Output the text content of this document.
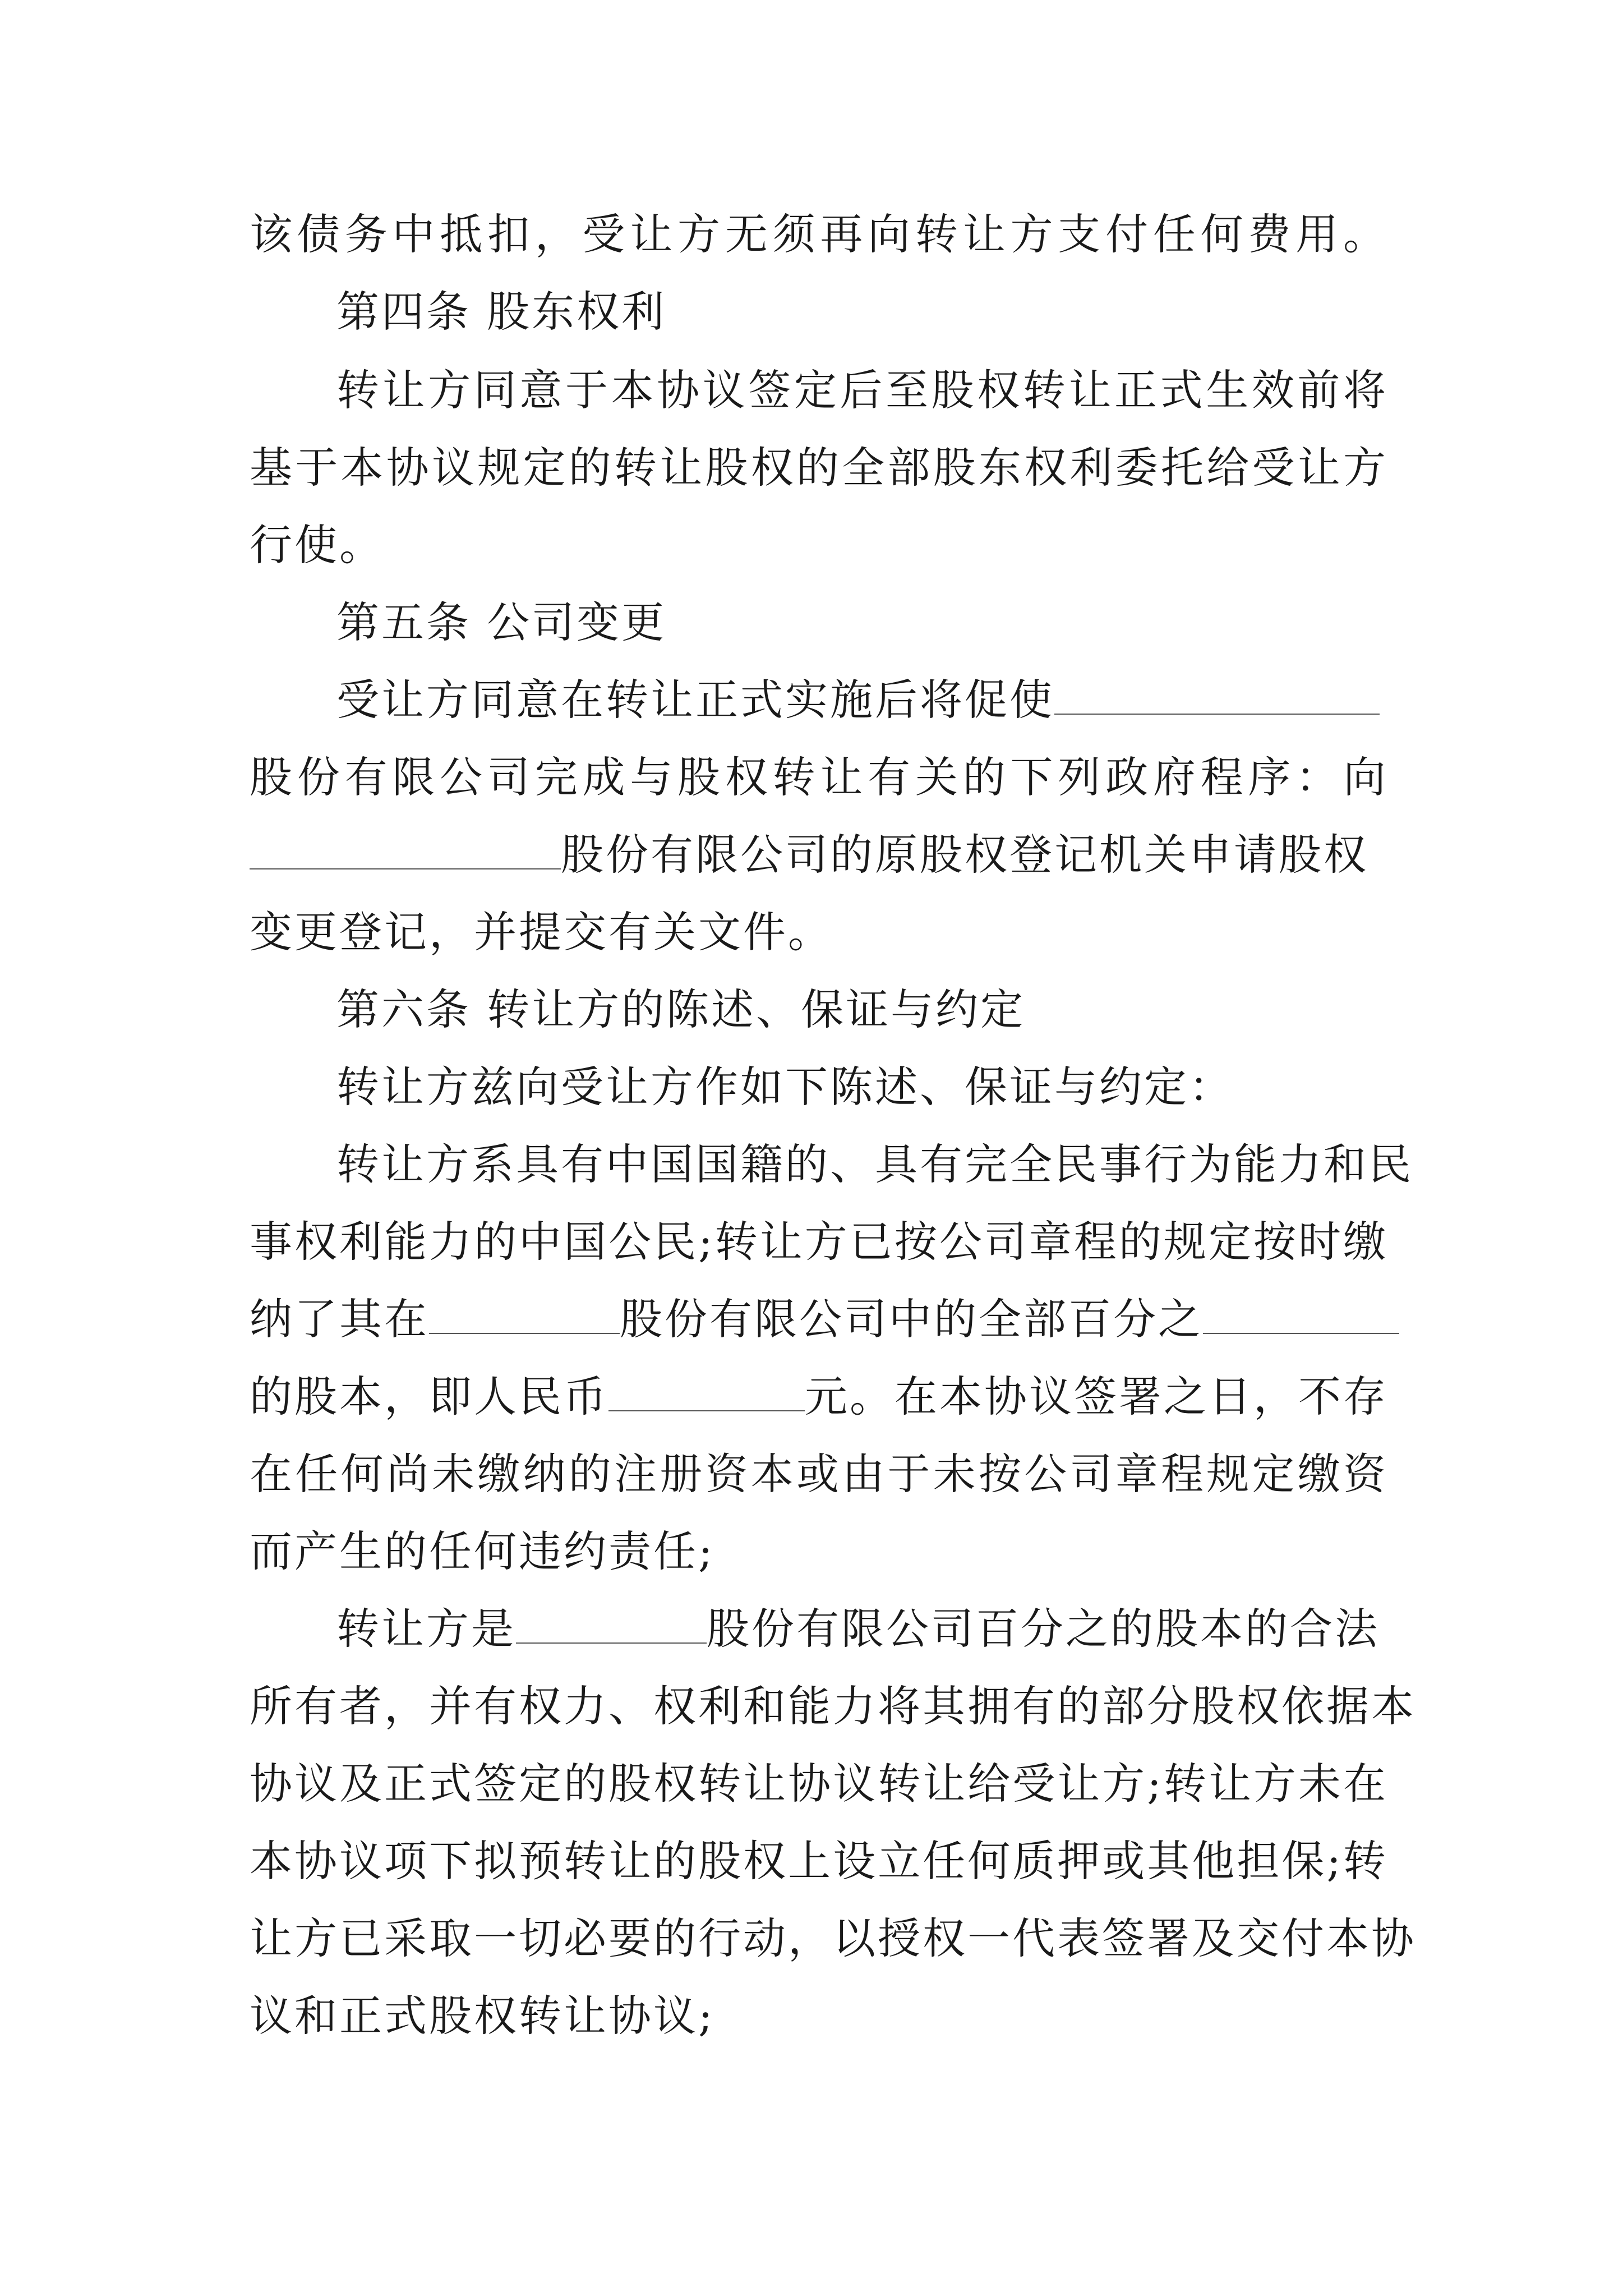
该债务中抵扣，受让方无须再向转让方支付任何费用。
第四条 股东权利
转让方同意于本协议签定后至股权转让正式生效前将
基于本协议规定的转让股权的全部股东权利委托给受让方
行使。
第五条 公司变更
受让方同意在转让正式实施后将促使
股份有限公司完成与股权转让有关的下列政府程序：向
股份有限公司的原股权登记机关申请股权
变更登记，并提交有关文件。
第六条 转让方的陈述、保证与约定
转让方兹向受让方作如下陈述、保证与约定：
转让方系具有中国国籍的、具有完全民事行为能力和民
事权利能力的中国公民;转让方已按公司章程的规定按时缴
纳了其在	股份有限公司中的全部百分之
的股本，即人民币	元。在本协议签署之日，不存
在任何尚未缴纳的注册资本或由于未按公司章程规定缴资
而产生的任何违约责任;
转让方是	股份有限公司百分之的股本的合法
所有者，并有权力、权利和能力将其拥有的部分股权依据本
协议及正式签定的股权转让协议转让给受让方;转让方未在
本协议项下拟预转让的股权上设立任何质押或其他担保;转
让方已采取一切必要的行动，以授权一代表签署及交付本协
议和正式股权转让协议;
